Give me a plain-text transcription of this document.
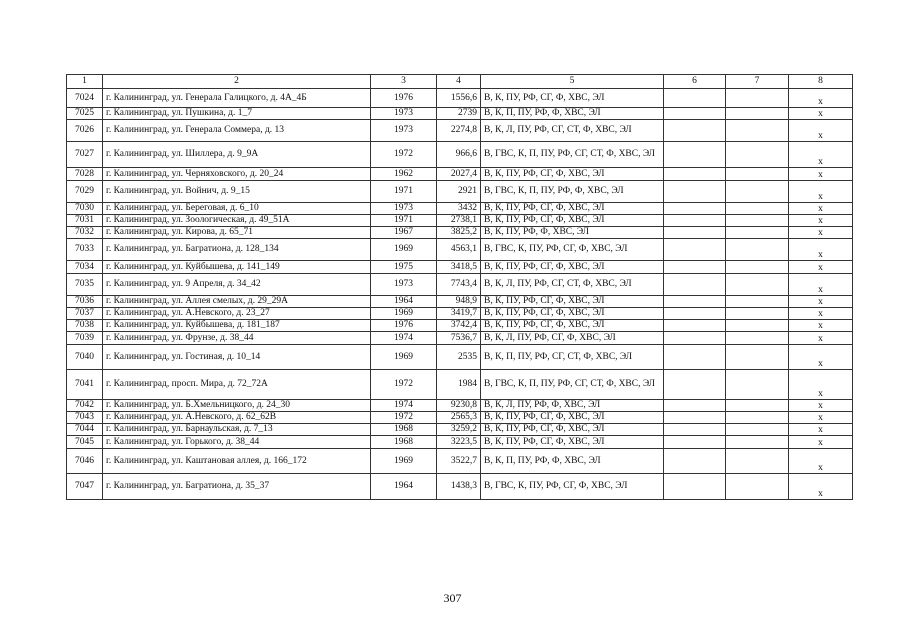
1	2	3	4	5	6	7	8
7024	г. Калининград, ул. Генерала Галицкого, д. 4А_4Б	1976	1556,6	В, К, ПУ, РФ, СГ, Ф, ХВС, ЭЛ			x
7025	г. Калининград, ул. Пушкина, д. 1_7	1973	2739	В, К, П, ПУ, РФ, Ф, ХВС, ЭЛ			x
7026	г. Калининград, ул. Генерала Соммера, д. 13	1973	2274,8	В, К, Л, ПУ, РФ, СГ, СТ, Ф, ХВС, ЭЛ			x
7027	г. Калининград, ул. Шиллера, д. 9_9А	1972	966,6	В, ГВС, К, П, ПУ, РФ, СГ, СТ, Ф, ХВС, ЭЛ			x
7028	г. Калининград, ул. Черняховского, д. 20_24	1962	2027,4	В, К, ПУ, РФ, СГ, Ф, ХВС, ЭЛ			x
7029	г. Калининград, ул. Войнич, д. 9_15	1971	2921	В, ГВС, К, П, ПУ, РФ, Ф, ХВС, ЭЛ			x
7030	г. Калининград, ул. Береговая, д. 6_10	1973	3432	В, К, ПУ, РФ, СГ, Ф, ХВС, ЭЛ			x
7031	г. Калининград, ул. Зоологическая, д. 49_51А	1971	2738,1	В, К, ПУ, РФ, СГ, Ф, ХВС, ЭЛ			x
7032	г. Калининград, ул. Кирова, д. 65_71	1967	3825,2	В, К, ПУ, РФ, Ф, ХВС, ЭЛ			x
7033	г. Калининград, ул. Багратиона, д. 128_134	1969	4563,1	В, ГВС, К, ПУ, РФ, СГ, Ф, ХВС, ЭЛ			x
7034	г. Калининград, ул. Куйбышева, д. 141_149	1975	3418,5	В, К, ПУ, РФ, СГ, Ф, ХВС, ЭЛ			x
7035	г. Калининград, ул. 9 Апреля, д. 34_42	1973	7743,4	В, К, Л, ПУ, РФ, СГ, СТ, Ф, ХВС, ЭЛ			x
7036	г. Калининград, ул. Аллея смелых, д. 29_29А	1964	948,9	В, К, ПУ, РФ, СГ, Ф, ХВС, ЭЛ			x
7037	г. Калининград, ул. А.Невского, д. 23_27	1969	3419,7	В, К, ПУ, РФ, СГ, Ф, ХВС, ЭЛ			x
7038	г. Калининград, ул. Куйбышева, д. 181_187	1976	3742,4	В, К, ПУ, РФ, СГ, Ф, ХВС, ЭЛ			x
7039	г. Калининград, ул. Фрунзе, д. 38_44	1974	7536,7	В, К, Л, ПУ, РФ, СГ, Ф, ХВС, ЭЛ			x
7040	г. Калининград, ул. Гостиная, д. 10_14	1969	2535	В, К, П, ПУ, РФ, СГ, СТ, Ф, ХВС, ЭЛ			x
7041	г. Калининград, просп. Мира, д. 72_72А	1972	1984	В, ГВС, К, П, ПУ, РФ, СГ, СТ, Ф, ХВС, ЭЛ			x
7042	г. Калининград, ул. Б.Хмельницкого, д. 24_30	1974	9230,8	В, К, Л, ПУ, РФ, Ф, ХВС, ЭЛ			x
7043	г. Калининград, ул. А.Невского, д. 62_62В	1972	2565,3	В, К, ПУ, РФ, СГ, Ф, ХВС, ЭЛ			x
7044	г. Калининград, ул. Барнаульская, д. 7_13	1968	3259,2	В, К, ПУ, РФ, СГ, Ф, ХВС, ЭЛ			x
7045	г. Калининград, ул. Горького, д. 38_44	1968	3223,5	В, К, ПУ, РФ, СГ, Ф, ХВС, ЭЛ			x
7046	г. Калининград, ул. Каштановая аллея, д. 166_172	1969	3522,7	В, К, П, ПУ, РФ, Ф, ХВС, ЭЛ			x
7047	г. Калининград, ул. Багратиона, д. 35_37	1964	1438,3	В, ГВС, К, ПУ, РФ, СГ, Ф, ХВС, ЭЛ			x
307
